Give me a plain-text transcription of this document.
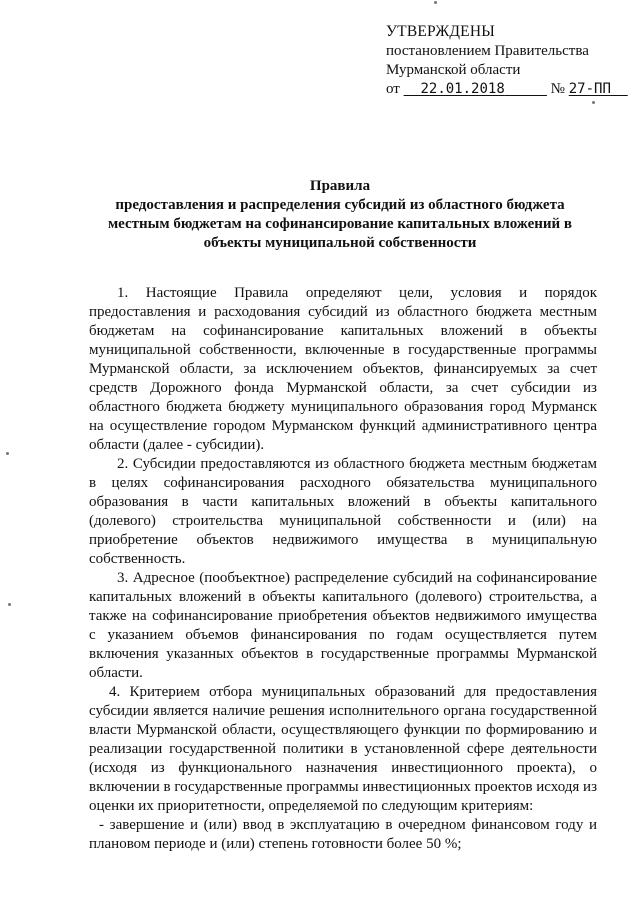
УТВЕРЖДЕНЫ
постановлением Правительства
Мурманской области
от 22.01.2018	№ 27-ПП
Правила
предоставления и распределения субсидий из областного бюджета
местным бюджетам на софинансирование капитальных вложений в
объекты муниципальной собственности

1. Настоящие Правила определяют цели, условия и порядок предоставления и расходования субсидий из областного бюджета местным бюджетам на софинансирование капитальных вложений в объекты муниципальной собственности, включенные в государственные программы Мурманской области, за исключением объектов, финансируемых за счет средств Дорожного фонда Мурманской области, за счет субсидии из областного бюджета бюджету муниципального образования город Мурманск на осуществление городом Мурманском функций административного центра области (далее - субсидии).

2. Субсидии предоставляются из областного бюджета местным бюджетам в целях софинансирования расходного обязательства муниципального образования в части капитальных вложений в объекты капитального (долевого) строительства муниципальной собственности и (или) на приобретение объектов недвижимого имущества в муниципальную собственность.

3. Адресное (пообъектное) распределение субсидий на софинансирование капитальных вложений в объекты капитального (долевого) строительства, а также на софинансирование приобретения объектов недвижимого имущества с указанием объемов финансирования по годам осуществляется путем включения указанных объектов в государственные программы Мурманской области.

4. Критерием отбора муниципальных образований для предоставления субсидии является наличие решения исполнительного органа государственной власти Мурманской области, осуществляющего функции по формированию и реализации государственной политики в установленной сфере деятельности (исходя из функционального назначения инвестиционного проекта), о включении в государственные программы инвестиционных проектов исходя из оценки их приоритетности, определяемой по следующим критериям:

- завершение и (или) ввод в эксплуатацию в очередном финансовом году и плановом периоде и (или) степень готовности более 50 %;
